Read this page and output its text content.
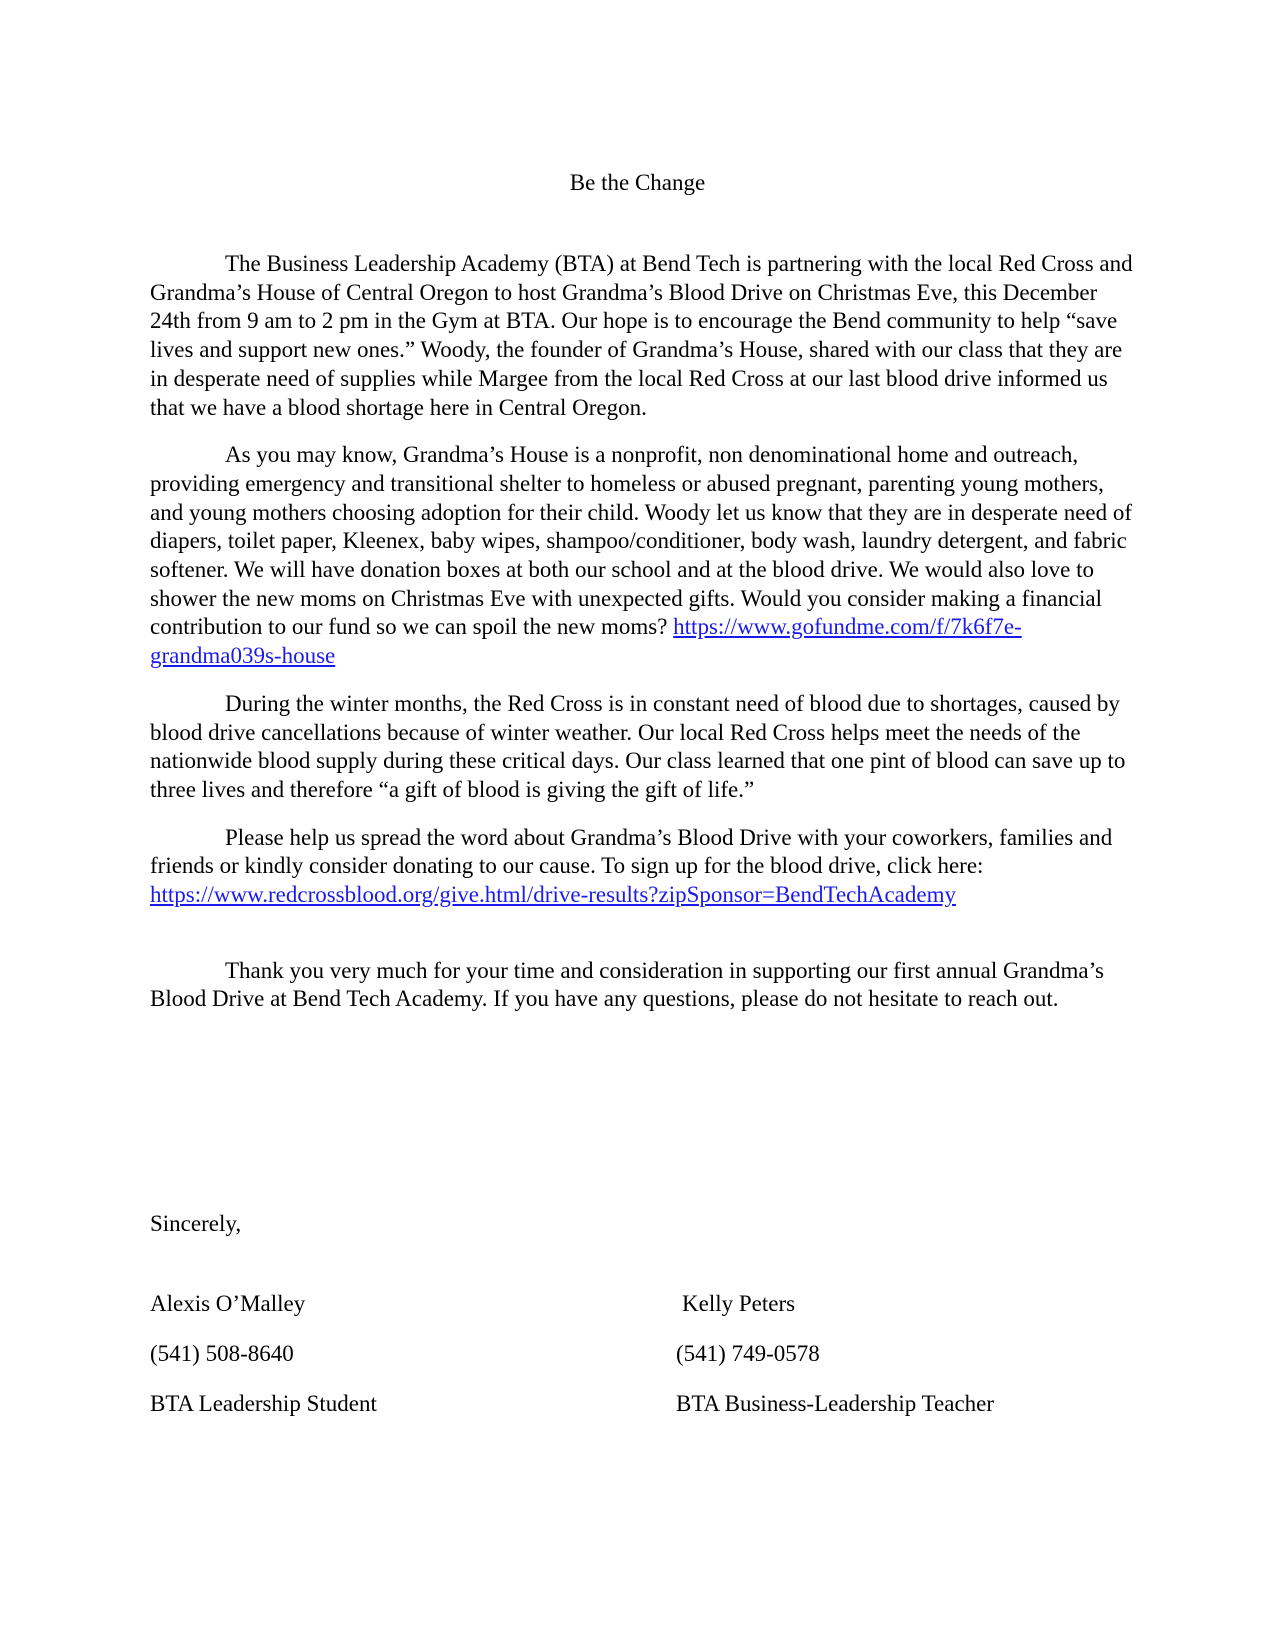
Be the Change

The Business Leadership Academy (BTA) at Bend Tech is partnering with the local Red Cross and Grandma’s House of Central Oregon to host Grandma’s Blood Drive on Christmas Eve, this December 24th from 9 am to 2 pm in the Gym at BTA. Our hope is to encourage the Bend community to help “save lives and support new ones.” Woody, the founder of Grandma’s House, shared with our class that they are in desperate need of supplies while Margee from the local Red Cross at our last blood drive informed us that we have a blood shortage here in Central Oregon.

As you may know, Grandma’s House is a nonprofit, non denominational home and outreach, providing emergency and transitional shelter to homeless or abused pregnant, parenting young mothers, and young mothers choosing adoption for their child. Woody let us know that they are in desperate need of diapers, toilet paper, Kleenex, baby wipes, shampoo/conditioner, body wash, laundry detergent, and fabric softener. We will have donation boxes at both our school and at the blood drive. We would also love to shower the new moms on Christmas Eve with unexpected gifts. Would you consider making a financial contribution to our fund so we can spoil the new moms? https://www.gofundme.com/f/7k6f7e-grandma039s-house

During the winter months, the Red Cross is in constant need of blood due to shortages, caused by blood drive cancellations because of winter weather. Our local Red Cross helps meet the needs of the nationwide blood supply during these critical days. Our class learned that one pint of blood can save up to three lives and therefore “a gift of blood is giving the gift of life.”

Please help us spread the word about Grandma’s Blood Drive with your coworkers, families and friends or kindly consider donating to our cause. To sign up for the blood drive, click here:
https://www.redcrossblood.org/give.html/drive-results?zipSponsor=BendTechAcademy

Thank you very much for your time and consideration in supporting our first annual Grandma’s Blood Drive at Bend Tech Academy. If you have any questions, please do not hesitate to reach out.

Sincerely,

Alexis O’Malley
(541) 508-8640
BTA Leadership Student
Kelly Peters
(541) 749-0578
BTA Business-Leadership Teacher
